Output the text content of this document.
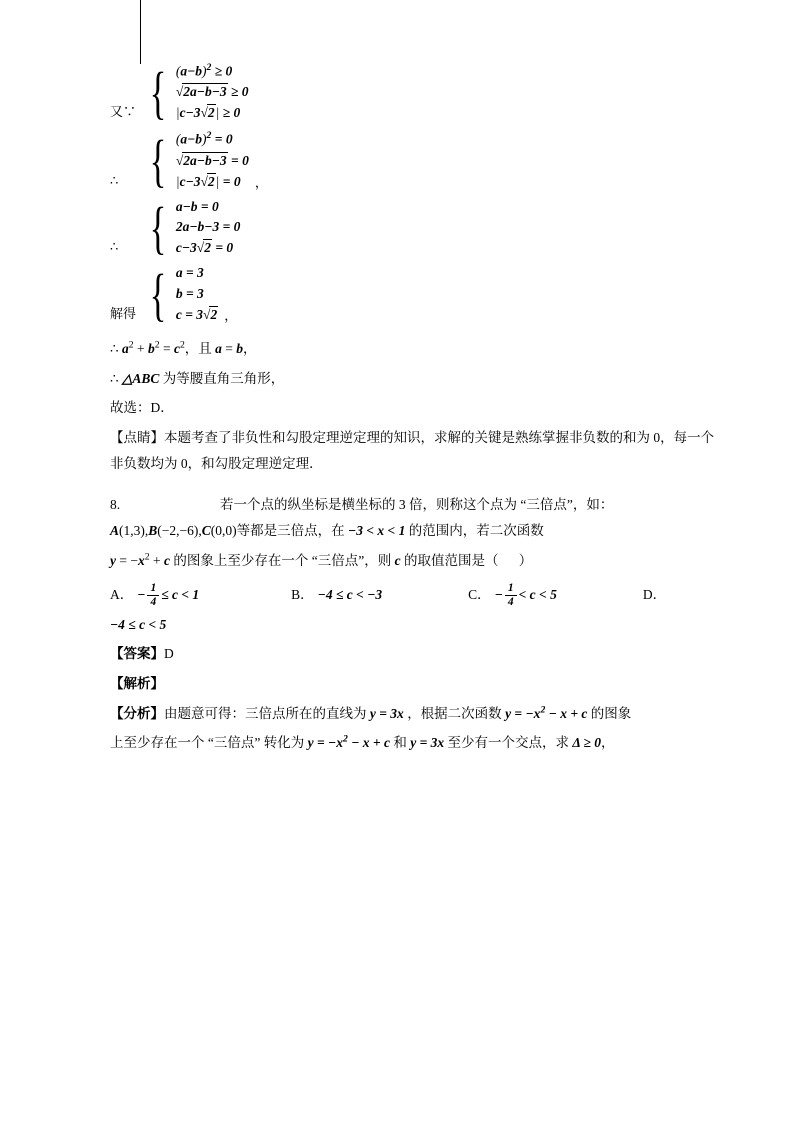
又∵ { $(a-b)^2 \ge 0$
√2a−b−3 ≥ 0
|c−3√2| ≥ 0
∴ { $(a-b)^2 = 0$
√2a−b−3 = 0
|c−3√2| = 0	，
∴ { a−b = 0
2a−b−3 = 0
c−3√2 = 0
解得 { a = 3
b = 3
c = 3√2 ，

∴ $a^2 + b^2 = c^2$，且 a = b，

∴ △ABC 为等腰直角三角形，

故选：D．

【点睛】本题考查了非负性和勾股定理逆定理的知识，求解的关键是熟练掌握非负数的和为 0，每一个非负数均为 0，和勾股定理逆定理．

8.	若一个点的纵坐标是横坐标的 3 倍，则称这个点为 “三倍点”，如：

A(1,3),B(−2,−6),C(0,0)等都是三倍点，在 −3 < x < 1 的范围内，若二次函数

$y = -x^2 + c$ 的图象上至少存在一个 “三倍点”，则 c 的取值范围是（      ）

A． − $\frac{1}{4} \le c < 1$	B． −4 ≤ c < −3	C． − $\frac{1}{4} < c < 5$	D．

−4 ≤ c < 5

【答案】D

【解析】

【分析】由题意可得：三倍点所在的直线为 y = 3x ，根据二次函数 $y = -x^2 - x + c$ 的图象

上至少存在一个 “三倍点” 转化为 $y = -x^2 - x + c$ 和 y = 3x 至少有一个交点，求 Δ ≥ 0，
